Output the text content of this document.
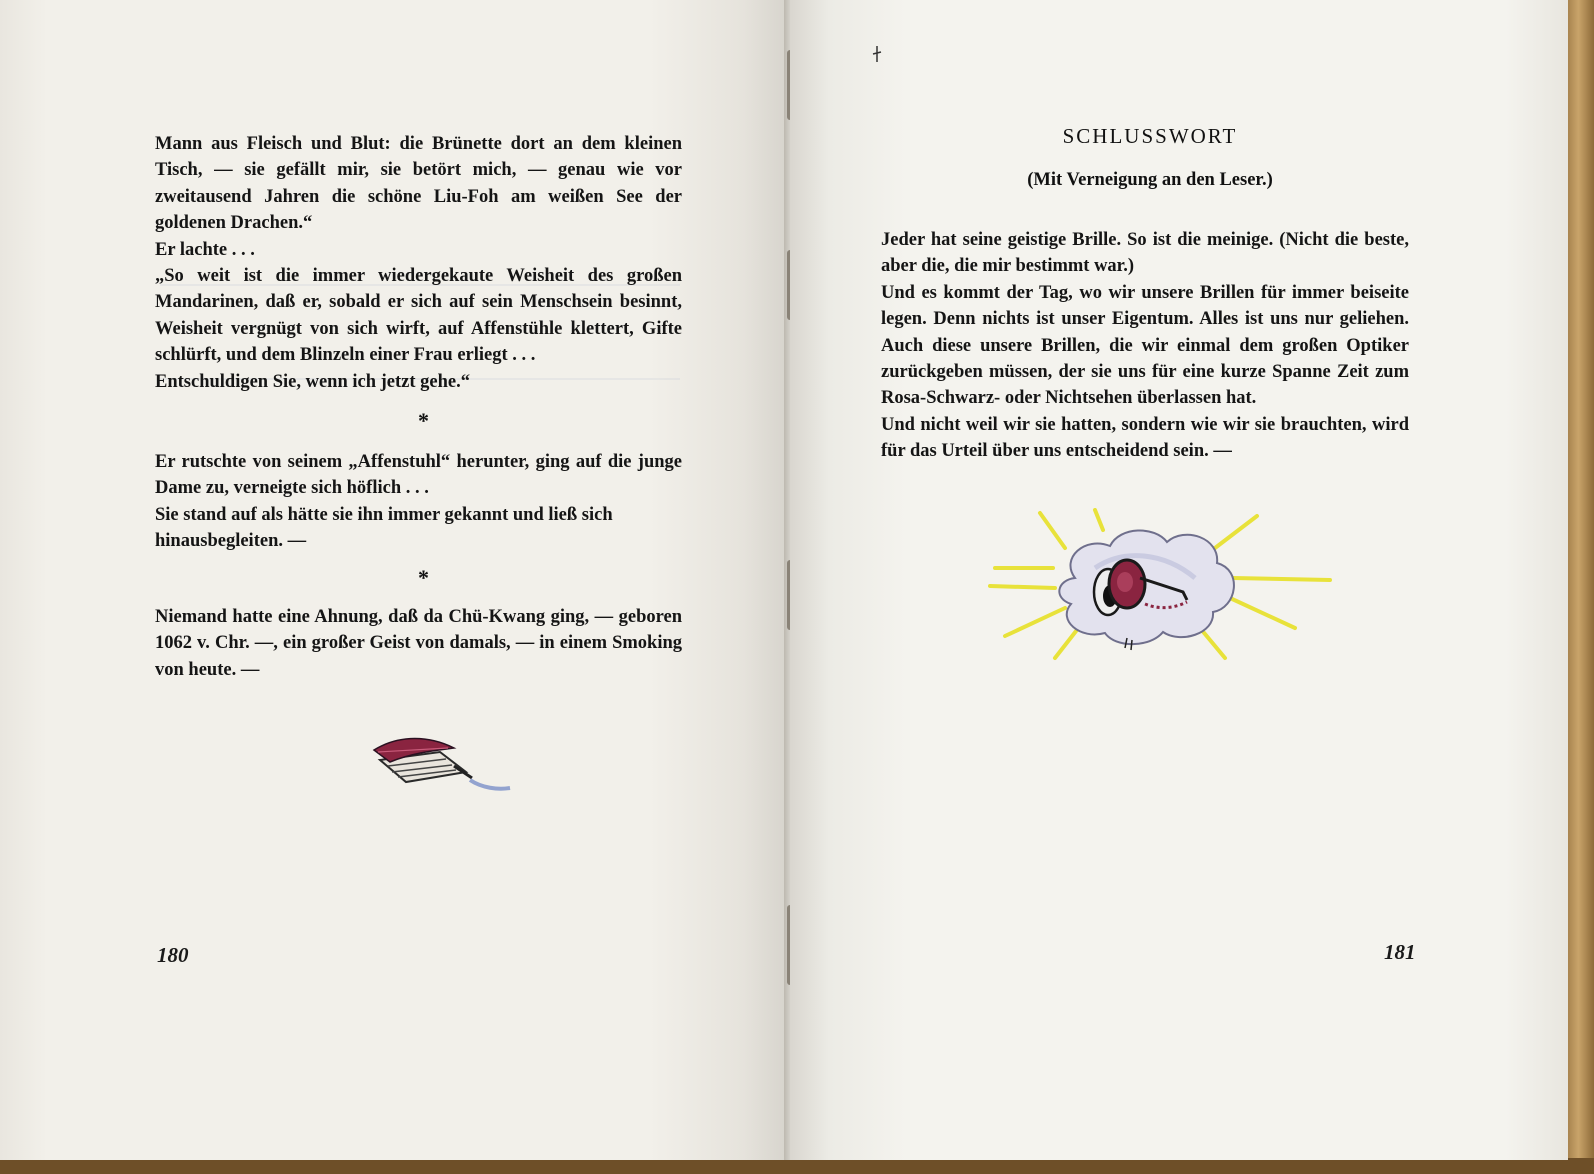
Mann aus Fleisch und Blut: die Brünette dort an dem kleinen Tisch, — sie gefällt mir, sie betört mich, — genau wie vor zweitausend Jahren die schöne Liu-Foh am weißen See der goldenen Drachen.“

Er lachte . . .

„So weit ist die immer wiedergekaute Weisheit des großen Mandarinen, daß er, sobald er sich auf sein Menschsein besinnt, Weisheit vergnügt von sich wirft, auf Affenstühle klettert, Gifte schlürft, und dem Blinzeln einer Frau erliegt . . .

Entschuldigen Sie, wenn ich jetzt gehe.“

*

Er rutschte von seinem „Affenstuhl“ herunter, ging auf die junge Dame zu, verneigte sich höflich . . .

Sie stand auf als hätte sie ihn immer gekannt und ließ sich hinausbegleiten. —

*

Niemand hatte eine Ahnung, daß da Chü-Kwang ging, — geboren 1062 v. Chr. —, ein großer Geist von damals, — in einem Smoking von heute. —

180
SCHLUSSWORT
(Mit Verneigung an den Leser.)

Jeder hat seine geistige Brille. So ist die meinige. (Nicht die beste, aber die, die mir bestimmt war.)

Und es kommt der Tag, wo wir unsere Brillen für immer beiseite legen. Denn nichts ist unser Eigentum. Alles ist uns nur geliehen. Auch diese unsere Brillen, die wir einmal dem großen Optiker zurückgeben müssen, der sie uns für eine kurze Spanne Zeit zum Rosa-Schwarz- oder Nichtsehen überlassen hat.

Und nicht weil wir sie hatten, sondern wie wir sie brauchten, wird für das Urteil über uns entscheidend sein. —

181
